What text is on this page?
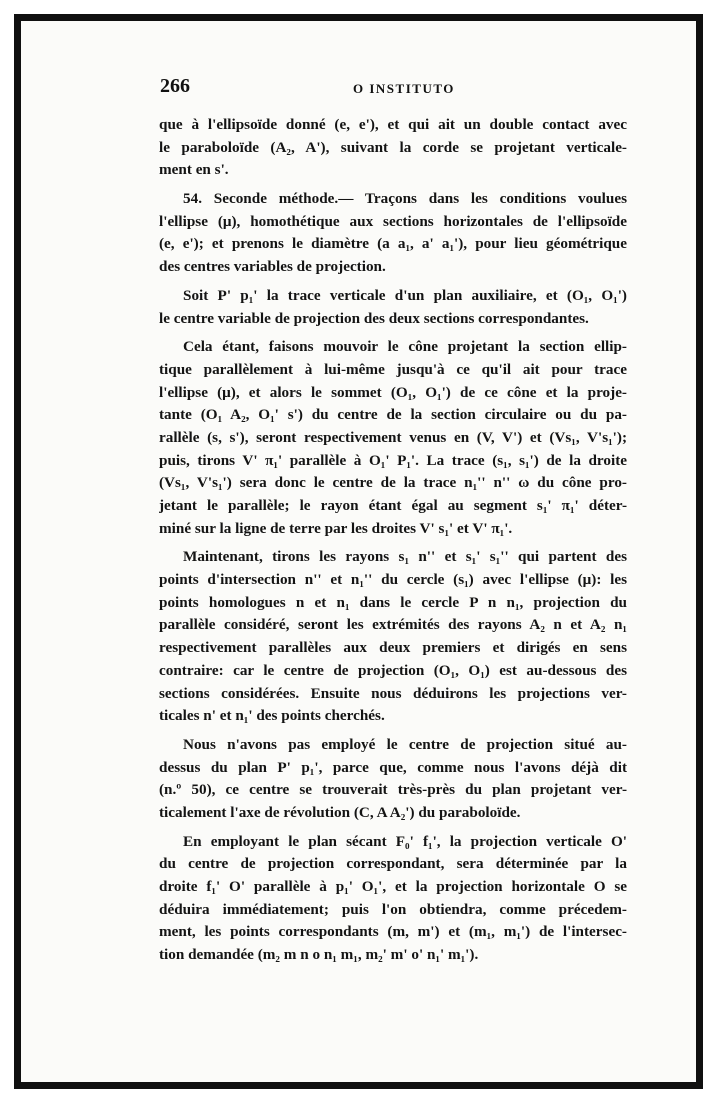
266	O INSTITUTO
que à l'ellipsoïde donné (e, e'), et qui ait un double contact avec
le paraboloïde (A₂, A'), suivant la corde se projetant verticale-
ment en s'.
54. Seconde méthode.— Traçons dans les conditions voulues
l'ellipse (μ), homothétique aux sections horizontales de l'ellipsoïde
(e, e'); et prenons le diamètre (a a₁, a' a₁'), pour lieu géométrique
des centres variables de projection.
Soit P' p₁' la trace verticale d'un plan auxiliaire, et (O₁, O₁')
le centre variable de projection des deux sections correspondantes.
Cela étant, faisons mouvoir le cône projetant la section ellip-
tique parallèlement à lui-même jusqu'à ce qu'il ait pour trace
l'ellipse (μ), et alors le sommet (O₁, O₁') de ce cône et la proje-
tante (O₁ A₂, O₁' s') du centre de la section circulaire ou du pa-
rallèle (s, s'), seront respectivement venus en (V, V') et (Vs₁, V's₁');
puis, tirons V' π₁' parallèle à O₁' P₁'. La trace (s₁, s₁') de la droite
(Vs₁, V's₁') sera donc le centre de la trace n₁'' n'' ω du cône pro-
jetant le parallèle; le rayon étant égal au segment s₁' π₁' déter-
miné sur la ligne de terre par les droites V' s₁' et V' π₁'.
Maintenant, tirons les rayons s₁ n'' et s₁' s₁'' qui partent des
points d'intersection n'' et n₁'' du cercle (s₁) avec l'ellipse (μ): les
points homologues n et n₁ dans le cercle P n n₁, projection du
parallèle considéré, seront les extrémités des rayons A₂ n et A₂ n₁
respectivement parallèles aux deux premiers et dirigés en sens
contraire: car le centre de projection (O₁, O₁) est au-dessous des
sections considérées. Ensuite nous déduirons les projections ver-
ticales n' et n₁' des points cherchés.
Nous n'avons pas employé le centre de projection situé au-
dessus du plan P' p₁', parce que, comme nous l'avons déjà dit
(n.º 50), ce centre se trouverait très-près du plan projetant ver-
ticalement l'axe de révolution (C, A A₂') du paraboloïde.
En employant le plan sécant F₀' f₁', la projection verticale O'
du centre de projection correspondant, sera déterminée par la
droite f₁' O' parallèle à p₁' O₁', et la projection horizontale O se
déduira immédiatement; puis l'on obtiendra, comme précedem-
ment, les points correspondants (m, m') et (m₁, m₁') de l'intersec-
tion demandée (m₂ m n o n₁ m₁, m₂' m' o' n₁' m₁').
